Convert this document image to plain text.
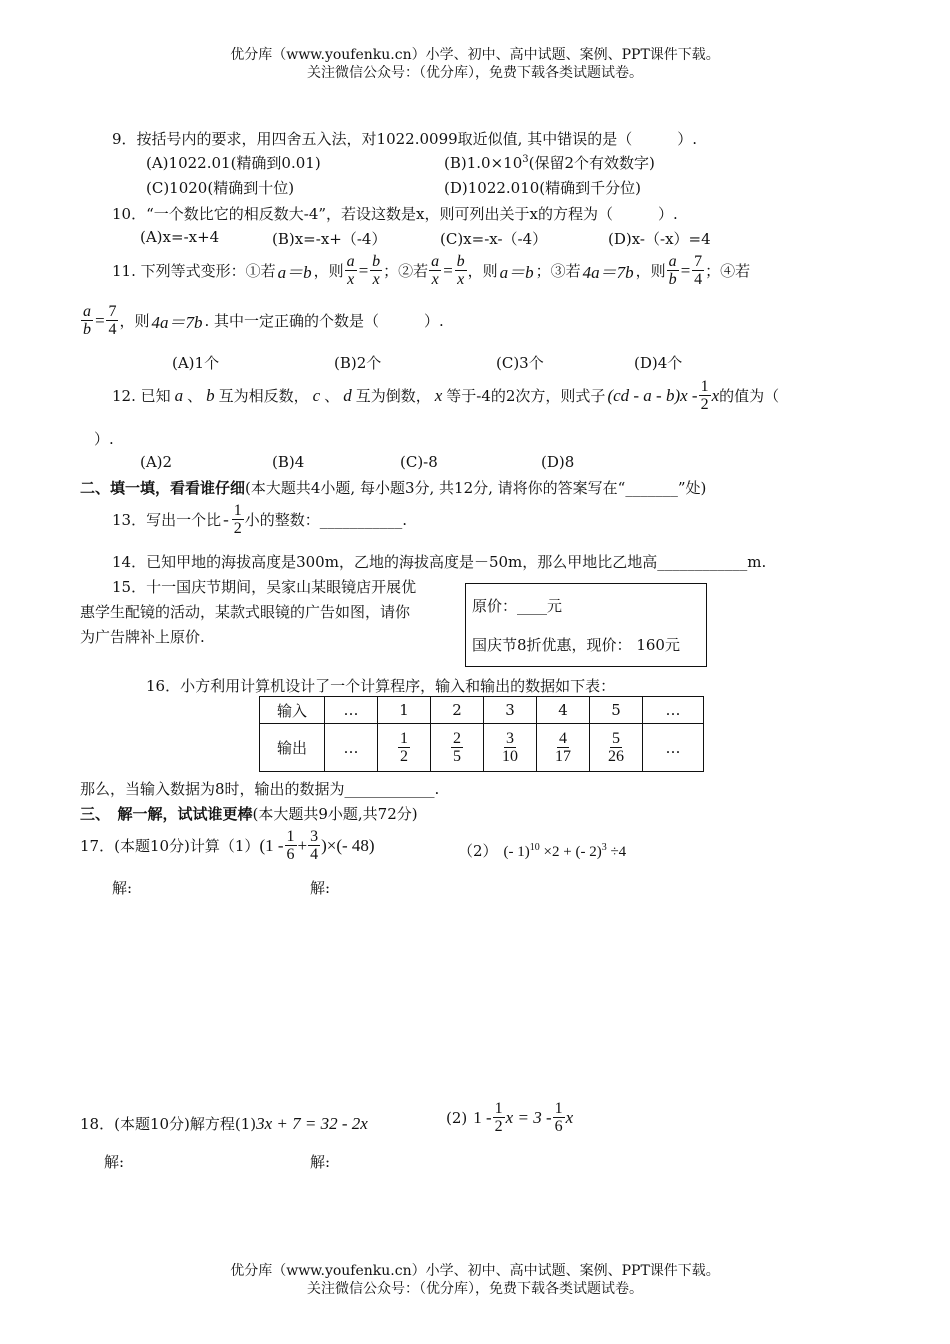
优分库（www.youfenku.cn）小学、初中、高中试题、案例、PPT课件下载。
关注微信公众号：（优分库），免费下载各类试题试卷。
9．按括号内的要求，用四舍五入法，对1022.0099取近似值, 其中错误的是（　　　）.
(A)1022.01(精确到0.01)	$(B)1.0\times 10^3$(保留2个有效数字)
(C)1020(精确到十位)	(D)1022.010(精确到千分位)
10．“一个数比它的相反数大-4”，若设这数是x，则可列出关于x的方程为（　　　）.
(A)x=-x+4	(B)x=-x+（-4）	(C)x=-x-（-4）	(D)x-（-x）=4
11. 下列等式变形：①若 a＝b ，则 $\frac{a}{x} = \frac{b}{x}$ ；②若 $\frac{a}{x} = \frac{b}{x}$ ，则 a＝b ；③若 4a＝7b ，则 $\frac{a}{b} = \frac{7}{4}$ ；④若
$\frac{a}{b} = \frac{7}{4}$ ，则 4a＝7b . 其中一定正确的个数是（　　　）.
(A)1个	(B)2个	(C)3个	(D)4个
12. 已知 a 、 b 互为相反数， c 、 d 互为倒数， x 等于-4的2次方，则式子 (cd - a - $b)x - \frac{1}{2}$ x 的值为（
）.
(A)2	(B)4	(C)-8	(D)8
二、填一填，看看谁仔细(本大题共4小题, 每小题3分, 共12分, 请将你的答案写在“_______”处)
13．写出一个比 - $\frac{1}{2}$ 小的整数：___________.
14．已知甲地的海拔高度是300m，乙地的海拔高度是－50m，那么甲地比乙地高____________m.
15．十一国庆节期间，吴家山某眼镜店开展优
惠学生配镜的活动，某款式眼镜的广告如图，请你
为广告牌补上原价.
原价：____元
国庆节8折优惠，现价： 160元
16．小方利用计算机设计了一个计算程序，输入和输出的数据如下表：
输入	…	1	2	3	4	5	…
输出	…	$\frac{1}{2}$	$\frac{2}{5}$	$\frac{3}{10}$	$\frac{4}{17}$	$\frac{5}{26}$	…
那么，当输入数据为8时，输出的数据为____________.
三、　解一解，试试谁更棒(本大题共9小题,共72分)
17．(本题10分)计算（1） ($1 - \frac{1}{6} + \frac{3}{4}$ )×(- 48)	（2） (- 1)$^{10}$ ×2 + (- 2)$^3$ ÷4
解:	解:
18．(本题10分)解方程(1) 3x + 7 = 32 - 2x	(2) $1 - \frac{1}{2}$ $x = 3 - \frac{1}{6}$ x
解:	解:
优分库（www.youfenku.cn）小学、初中、高中试题、案例、PPT课件下载。
关注微信公众号：（优分库），免费下载各类试题试卷。
